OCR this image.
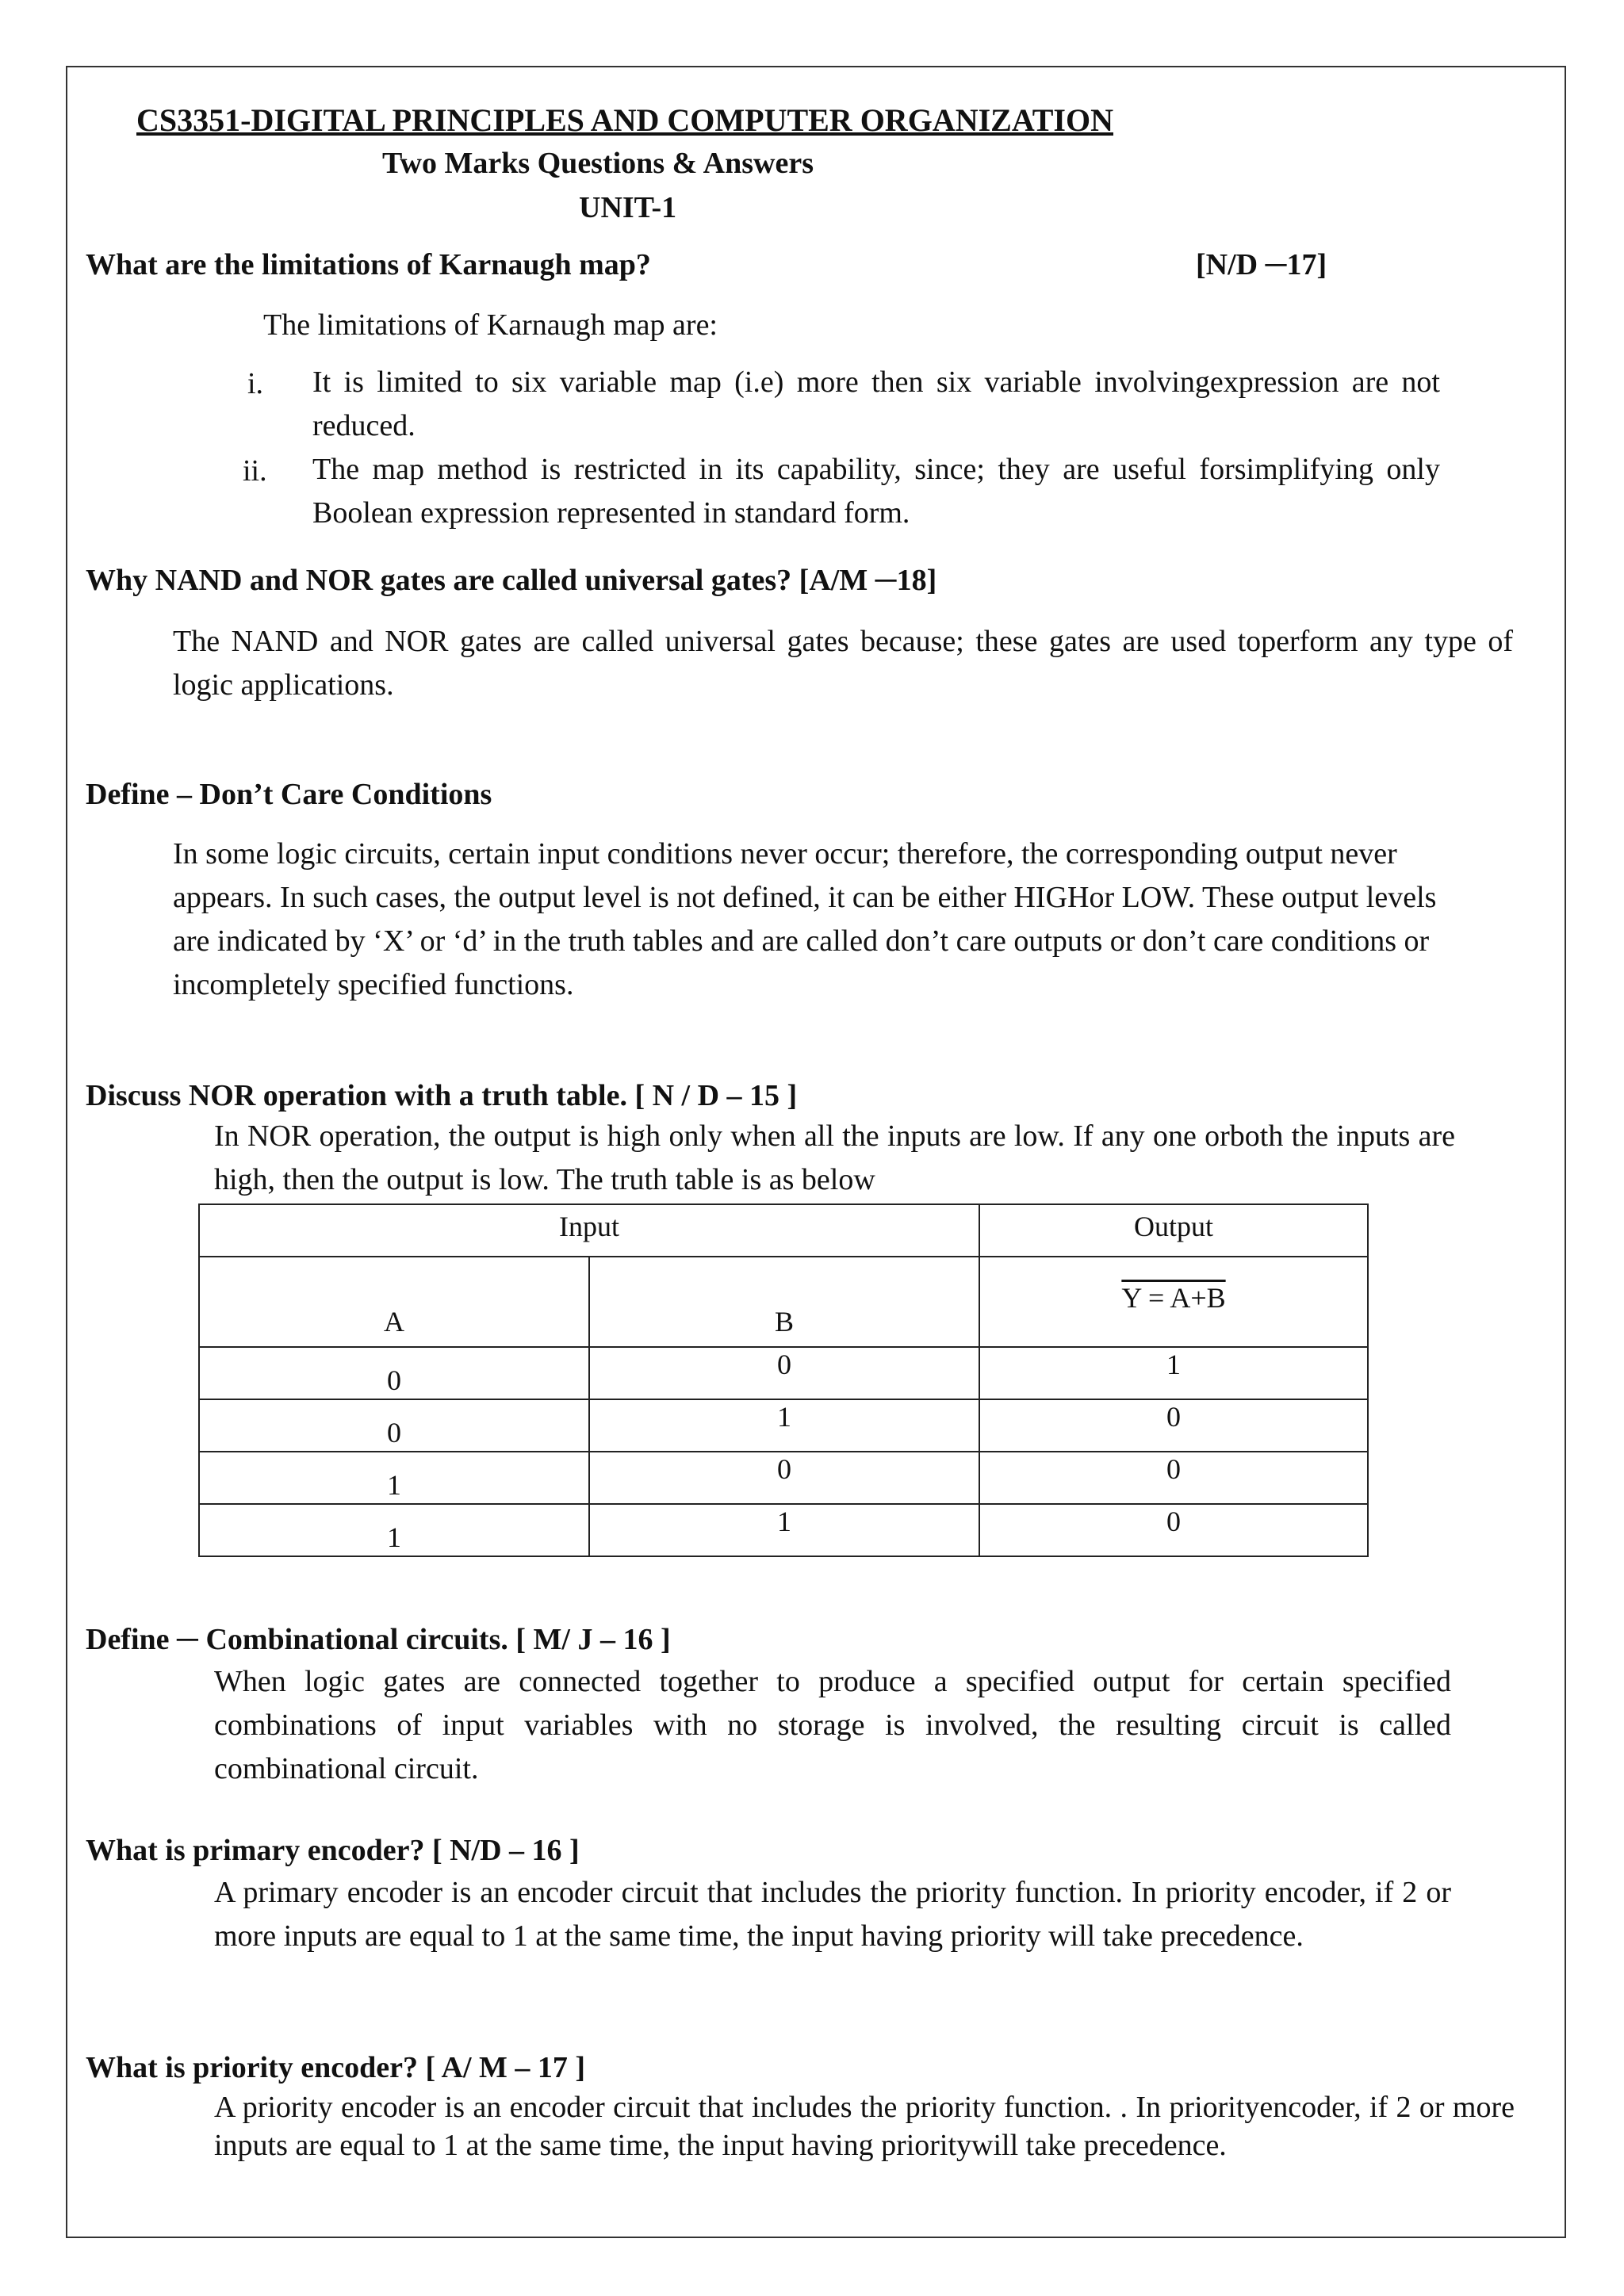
CS3351-DIGITAL PRINCIPLES AND COMPUTER ORGANIZATION
Two Marks Questions & Answers
UNIT-1
What are the limitations of Karnaugh map?	[N/D ─17]
The limitations of Karnaugh map are:
i. It is limited to six variable map (i.e) more then six variable involvingexpression are not reduced.
ii. The map method is restricted in its capability, since; they are useful forsimplifying only Boolean expression represented in standard form.
Why NAND and NOR gates are called universal gates? [A/M ─18]
The NAND and NOR gates are called universal gates because; these gates are used toperform any type of logic applications.
Define – Don’t Care Conditions
In some logic circuits, certain input conditions never occur; therefore, the corresponding output never appears. In such cases, the output level is not defined, it can be either HIGHor LOW. These output levels are indicated by ‘X’ or ‘d’ in the truth tables and are called don’t care outputs or don’t care conditions or incompletely specified functions.
Discuss NOR operation with a truth table. [ N / D – 15 ]
In NOR operation, the output is high only when all the inputs are low. If any one orboth the inputs are high, then the output is low. The truth table is as below
Input		Output
A	B	Y = A+B
0	0	1
0	1	0
1	0	0
1	1	0
Define ─ Combinational circuits. [ M/ J – 16 ]
When logic gates are connected together to produce a specified output for certain specified combinations of input variables with no storage is involved, the resulting circuit is called combinational circuit.
What is primary encoder? [ N/D – 16 ]
A primary encoder is an encoder circuit that includes the priority function. In priority encoder, if 2 or more inputs are equal to 1 at the same time, the input having priority will take precedence.
What is priority encoder? [ A/ M – 17 ]
A priority encoder is an encoder circuit that includes the priority function. . In priorityencoder, if 2 or more inputs are equal to 1 at the same time, the input having prioritywill take precedence.
